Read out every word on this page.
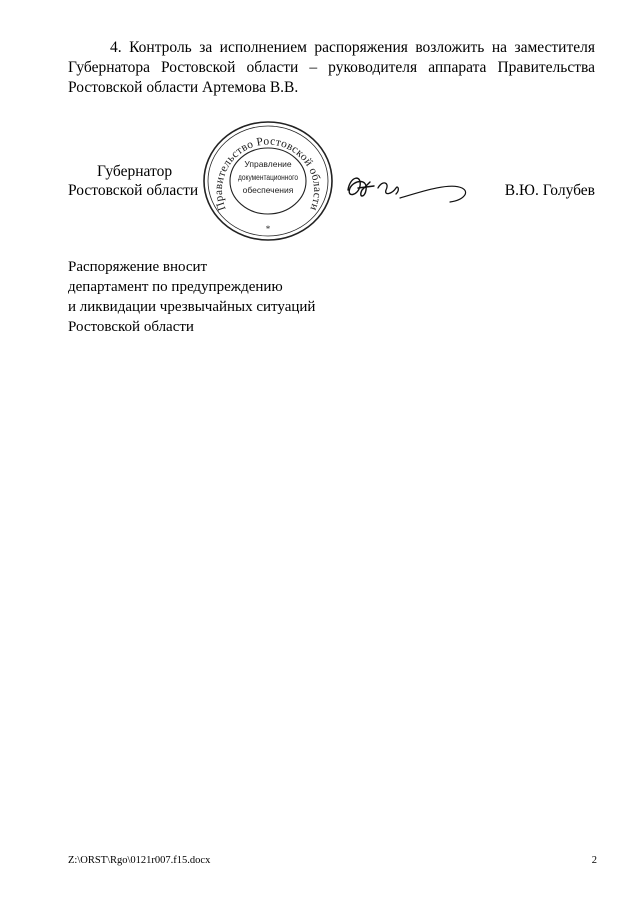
4. Контроль за исполнением распоряжения возложить на заместителя
Губернатора Ростовской области – руководителя аппарата Правительства
Ростовской области Артемова В.В.
Губернатор
Ростовской области	В.Ю. Голубев
Правительство Ростовской области
Управление
документационного
обеспечения
*
Распоряжение вносит
департамент по предупреждению
и ликвидации чрезвычайных ситуаций
Ростовской области
Z:\ORST\Rgo\0121r007.f15.docx	2
